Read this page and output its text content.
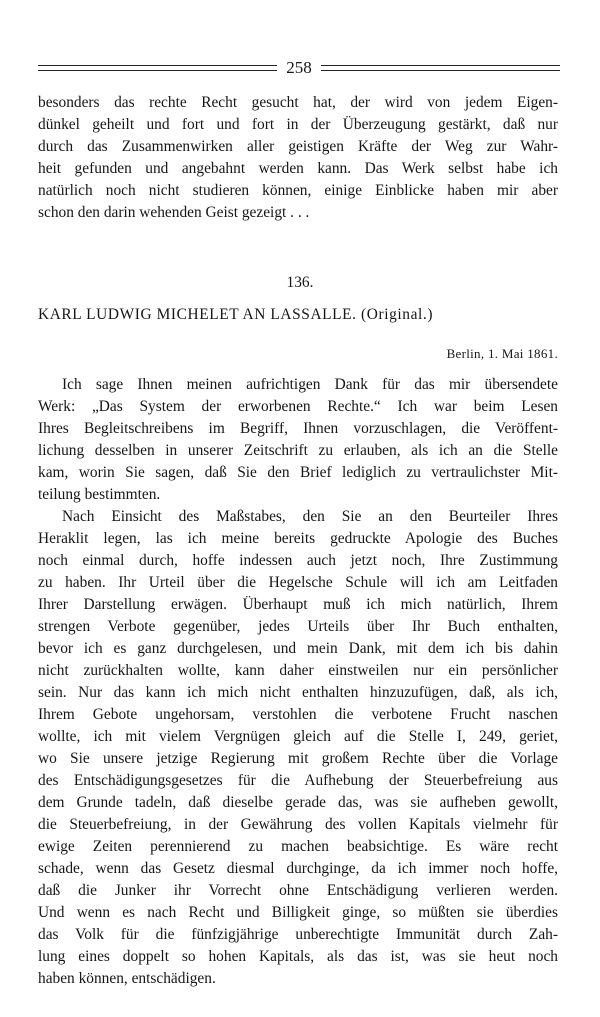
258
besonders das rechte Recht gesucht hat, der wird von jedem Eigen-
dünkel geheilt und fort und fort in der Überzeugung gestärkt, daß nur
durch das Zusammenwirken aller geistigen Kräfte der Weg zur Wahr-
heit gefunden und angebahnt werden kann. Das Werk selbst habe ich
natürlich noch nicht studieren können, einige Einblicke haben mir aber
schon den darin wehenden Geist gezeigt . . .
136.
KARL LUDWIG MICHELET AN LASSALLE. (Original.)
Berlin, 1. Mai 1861.
Ich sage Ihnen meinen aufrichtigen Dank für das mir übersendete
Werk: „Das System der erworbenen Rechte.“ Ich war beim Lesen
Ihres Begleitschreibens im Begriff, Ihnen vorzuschlagen, die Veröffent-
lichung desselben in unserer Zeitschrift zu erlauben, als ich an die Stelle
kam, worin Sie sagen, daß Sie den Brief lediglich zu vertraulichster Mit-
teilung bestimmten.
Nach Einsicht des Maßstabes, den Sie an den Beurteiler Ihres
Heraklit legen, las ich meine bereits gedruckte Apologie des Buches
noch einmal durch, hoffe indessen auch jetzt noch, Ihre Zustimmung
zu haben. Ihr Urteil über die Hegelsche Schule will ich am Leitfaden
Ihrer Darstellung erwägen. Überhaupt muß ich mich natürlich, Ihrem
strengen Verbote gegenüber, jedes Urteils über Ihr Buch enthalten,
bevor ich es ganz durchgelesen, und mein Dank, mit dem ich bis dahin
nicht zurückhalten wollte, kann daher einstweilen nur ein persönlicher
sein. Nur das kann ich mich nicht enthalten hinzuzufügen, daß, als ich,
Ihrem Gebote ungehorsam, verstohlen die verbotene Frucht naschen
wollte, ich mit vielem Vergnügen gleich auf die Stelle I, 249, geriet,
wo Sie unsere jetzige Regierung mit großem Rechte über die Vorlage
des Entschädigungsgesetzes für die Aufhebung der Steuerbefreiung aus
dem Grunde tadeln, daß dieselbe gerade das, was sie aufheben gewollt,
die Steuerbefreiung, in der Gewährung des vollen Kapitals vielmehr für
ewige Zeiten perennierend zu machen beabsichtige. Es wäre recht
schade, wenn das Gesetz diesmal durchginge, da ich immer noch hoffe,
daß die Junker ihr Vorrecht ohne Entschädigung verlieren werden.
Und wenn es nach Recht und Billigkeit ginge, so müßten sie überdies
das Volk für die fünfzigjährige unberechtigte Immunität durch Zah-
lung eines doppelt so hohen Kapitals, als das ist, was sie heut noch
haben können, entschädigen.
